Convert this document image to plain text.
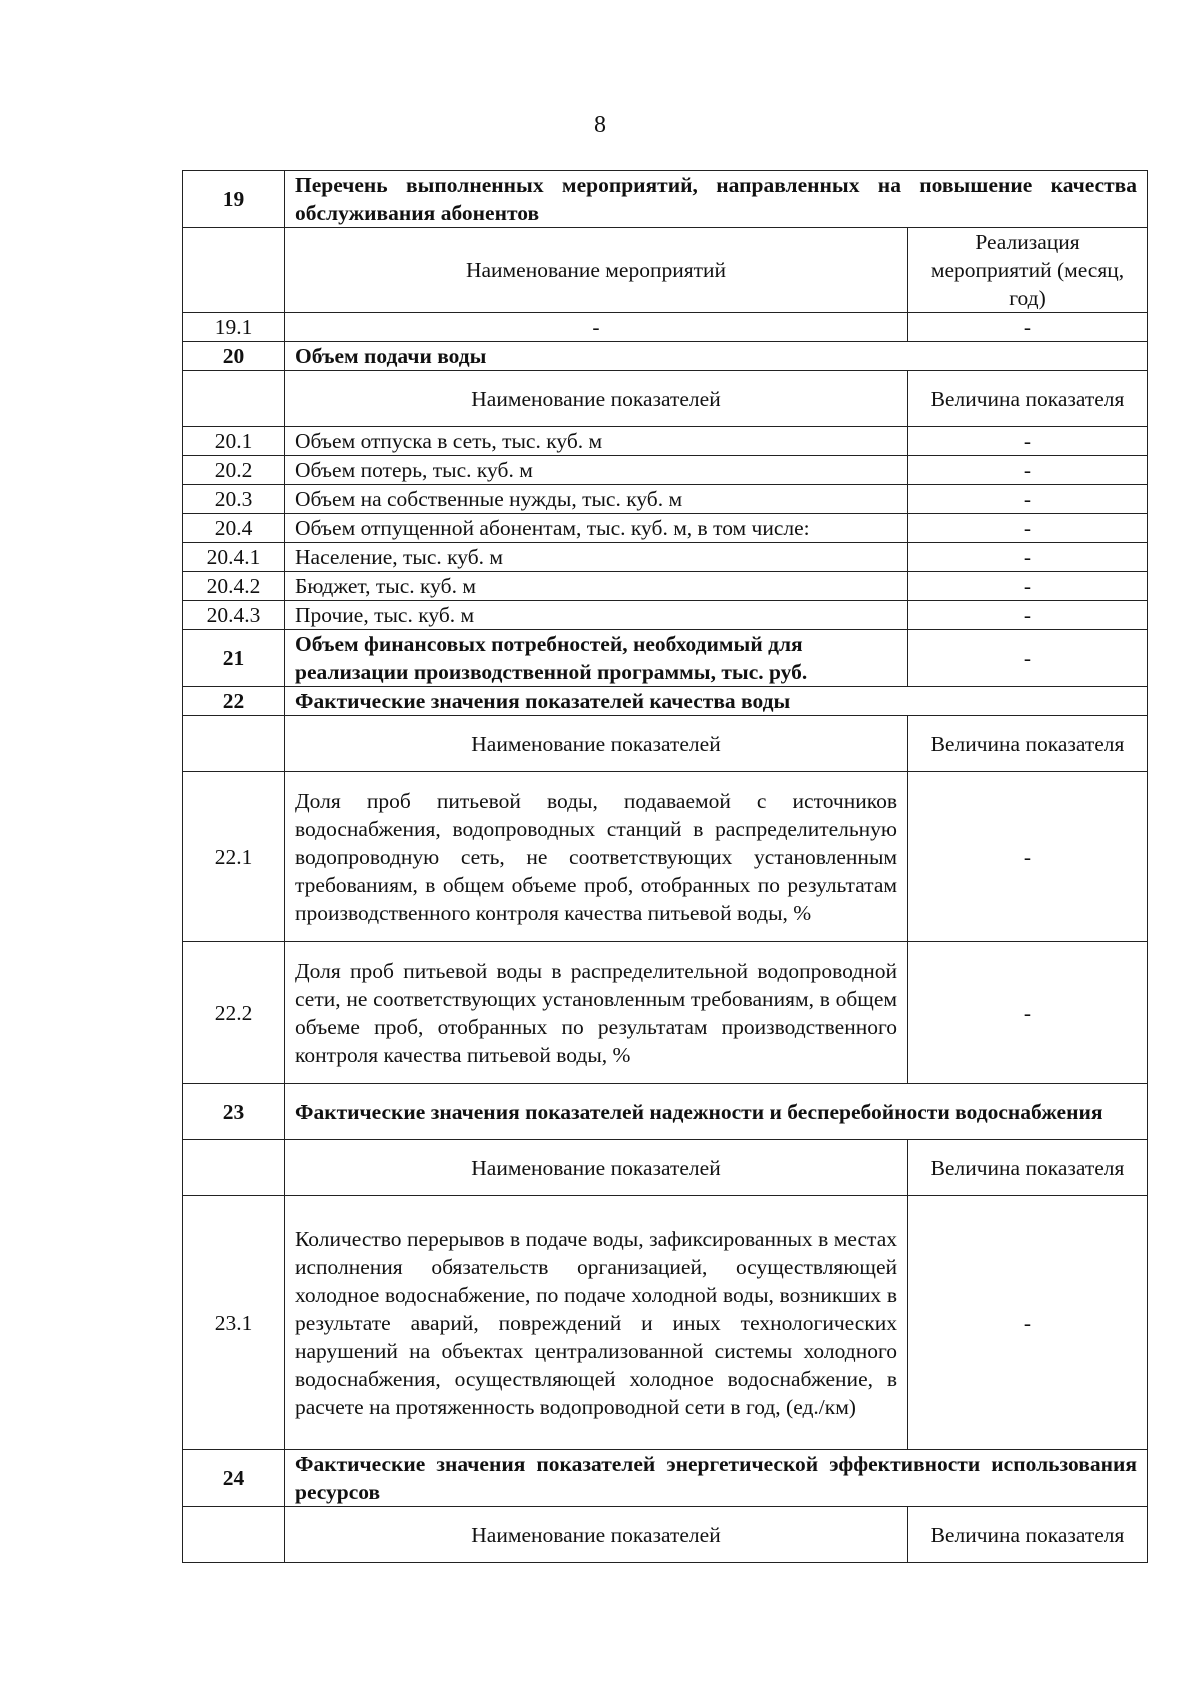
8
19	Перечень выполненных мероприятий, направленных на повышение качества обслуживания абонентов	
	Наименование мероприятий	Реализация мероприятий (месяц, год)
19.1	-	-
20	Объем подачи воды	
	Наименование показателей	Величина показателя
20.1	Объем отпуска в сеть, тыс. куб. м	-
20.2	Объем потерь, тыс. куб. м	-
20.3	Объем на собственные нужды, тыс. куб. м	-
20.4	Объем отпущенной абонентам, тыс. куб. м, в том числе:	-
20.4.1	Население, тыс. куб. м	-
20.4.2	Бюджет, тыс. куб. м	-
20.4.3	Прочие, тыс. куб. м	-
21	Объем финансовых потребностей, необходимый для реализации производственной программы, тыс. руб.	-
22	Фактические значения показателей качества воды	
	Наименование показателей	Величина показателя
22.1	Доля проб питьевой воды, подаваемой с источников водоснабжения, водопроводных станций в распределительную водопроводную сеть, не соответствующих установленным требованиям, в общем объеме проб, отобранных по результатам производственного контроля качества питьевой воды, %	-
22.2	Доля проб питьевой воды в распределительной водопроводной сети, не соответствующих установленным требованиям, в общем объеме проб, отобранных по результатам производственного контроля качества питьевой воды, %	-
23	Фактические значения показателей надежности и бесперебойности водоснабжения	
	Наименование показателей	Величина показателя
23.1	Количество перерывов в подаче воды, зафиксированных в местах исполнения обязательств организацией, осуществляющей холодное водоснабжение, по подаче холодной воды, возникших в результате аварий, повреждений и иных технологических нарушений на объектах централизованной системы холодного водоснабжения, осуществляющей холодное водоснабжение, в расчете на протяженность водопроводной сети в год, (ед./км)	-
24	Фактические значения показателей энергетической эффективности использования ресурсов	
	Наименование показателей	Величина показателя
